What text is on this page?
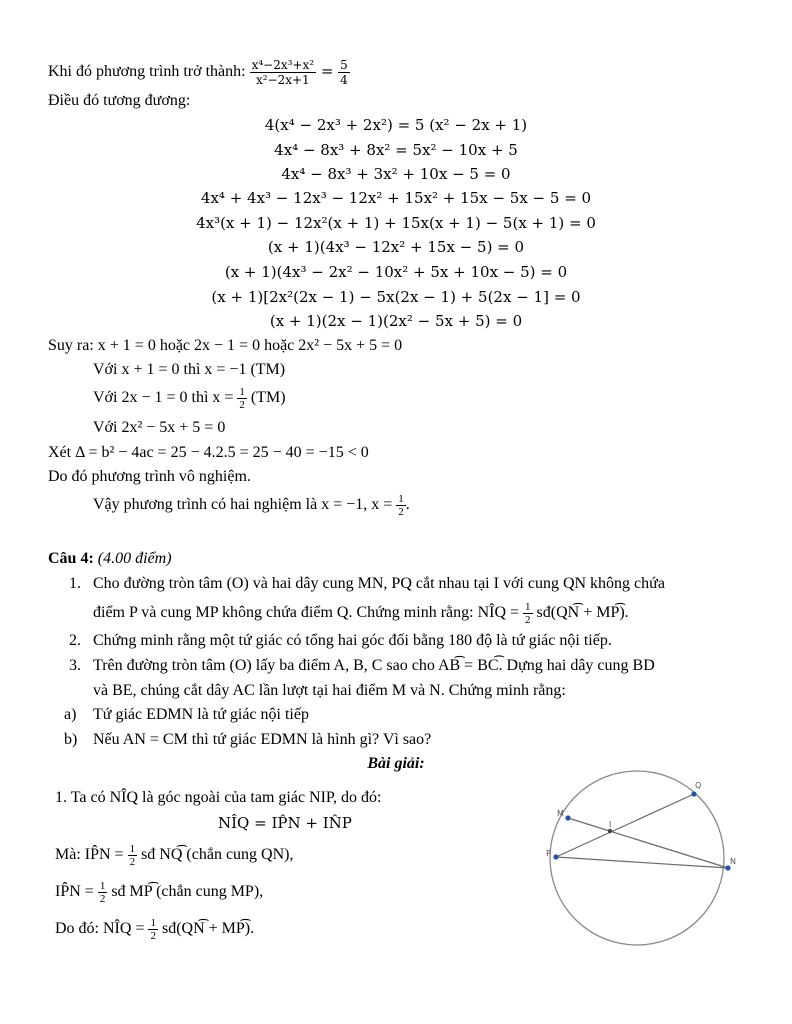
Khi đó phương trình trở thành: $\frac{\text{x⁴−2x³+x²}}{\text{x²−2x+1}} = \frac{5}{4}$
Điều đó tương đương:
4(x⁴ − 2x³ + 2x²) = 5 (x² − 2x + 1)
4x⁴ − 8x³ + 8x² = 5x² − 10x + 5
4x⁴ − 8x³ + 3x² + 10x − 5 = 0
4x⁴ + 4x³ − 12x³ − 12x² + 15x² + 15x − 5x − 5 = 0
4x³(x + 1) − 12x²(x + 1) + 15x(x + 1) − 5(x + 1) = 0
(x + 1)(4x³ − 12x² + 15x − 5) = 0
(x + 1)(4x³ − 2x² − 10x² + 5x + 10x − 5) = 0
(x + 1)[2x²(2x − 1) − 5x(2x − 1) + 5(2x − 1] = 0
(x + 1)(2x − 1)(2x² − 5x + 5) = 0
Suy ra: x + 1 = 0 hoặc 2x − 1 = 0 hoặc 2x² − 5x + 5 = 0
Với x + 1 = 0 thì x = −1 (TM)
Với 2x − 1 = 0 thì $x = \frac{1}{2} (TM)$
Với 2x² − 5x + 5 = 0
Xét Δ = b² − 4ac = 25 − 4.2.5 = 25 − 40 = −15 < 0
Do đó phương trình vô nghiệm.
Vậy phương trình có hai nghiệm là x = −1, $x = \frac{1}{2}$ .
Câu 4: (4.00 điểm)
1. Cho đường tròn tâm (O) và hai dây cung MN, PQ cắt nhau tại I với cung QN không chứa
điểm P và cung MP không chứa điểm Q. Chứng minh rằng: NÎQ = $\frac{1}{2}$ sđ(QN͡ + MP͡).
2. Chứng minh rằng một tứ giác có tổng hai góc đối bằng 180 độ là tứ giác nội tiếp.
3. Trên đường tròn tâm (O) lấy ba điểm A, B, C sao cho AB͡ = BC͡. Dựng hai dây cung BD
và BE, chúng cắt dây AC lần lượt tại hai điểm M và N. Chứng minh rằng:
a) Tứ giác EDMN là tứ giác nội tiếp
b) Nếu AN = CM thì tứ giác EDMN là hình gì? Vì sao?
Bài giải:
1. Ta có NÎQ là góc ngoài của tam giác NIP, do đó:
NÎQ = IP̂N + IN̂P
Mà: IP̂N = $\frac{1}{2}$ sđ NQ͡ (chắn cung QN),
IP̂N = $\frac{1}{2}$ sđ MP͡ (chắn cung MP),
Do đó: NÎQ = $\frac{1}{2}$ sđ(QN͡ + MP͡).
M
Q
I
P
N
